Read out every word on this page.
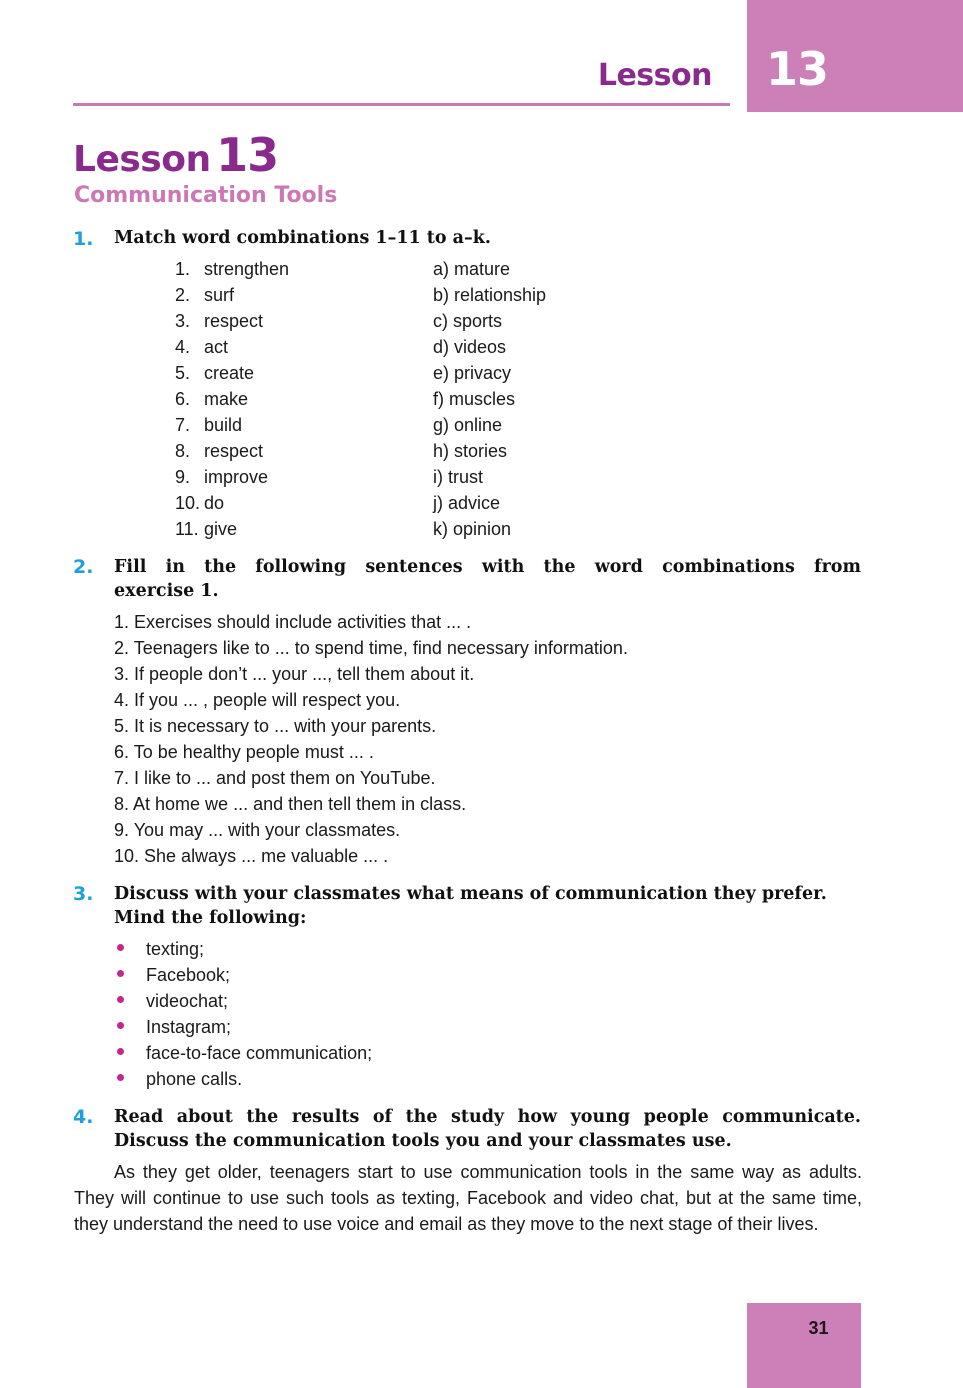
Lesson 13
Lesson 13
Communication Tools
1. Match word combinations 1–11 to a–k.
1. strengthen	a) mature
2. surf	b) relationship
3. respect	c) sports
4. act	d) videos
5. create	e) privacy
6. make	f) muscles
7. build	g) online
8. respect	h) stories
9. improve	i) trust
10. do	j) advice
11. give	k) opinion
2. Fill in the following sentences with the word combinations from
exercise 1.
1. Exercises should include activities that ... .
2. Teenagers like to ... to spend time, find necessary information.
3. If people don’t ... your ..., tell them about it.
4. If you ... , people will respect you.
5. It is necessary to ... with your parents.
6. To be healthy people must ... .
7. I like to ... and post them on YouTube.
8. At home we ... and then tell them in class.
9. You may ... with your classmates.
10. She always ... me valuable ... .
3. Discuss with your classmates what means of communication they prefer.
Mind the following:
texting;
Facebook;
videochat;
Instagram;
face-to-face communication;
phone calls.
4. Read about the results of the study how young people communicate.
Discuss the communication tools you and your classmates use.
As they get older, teenagers start to use communication tools in the same way as adults. They will continue to use such tools as texting, Facebook and video chat, but at the same time, they understand the need to use voice and email as they move to the next stage of their lives.
31
